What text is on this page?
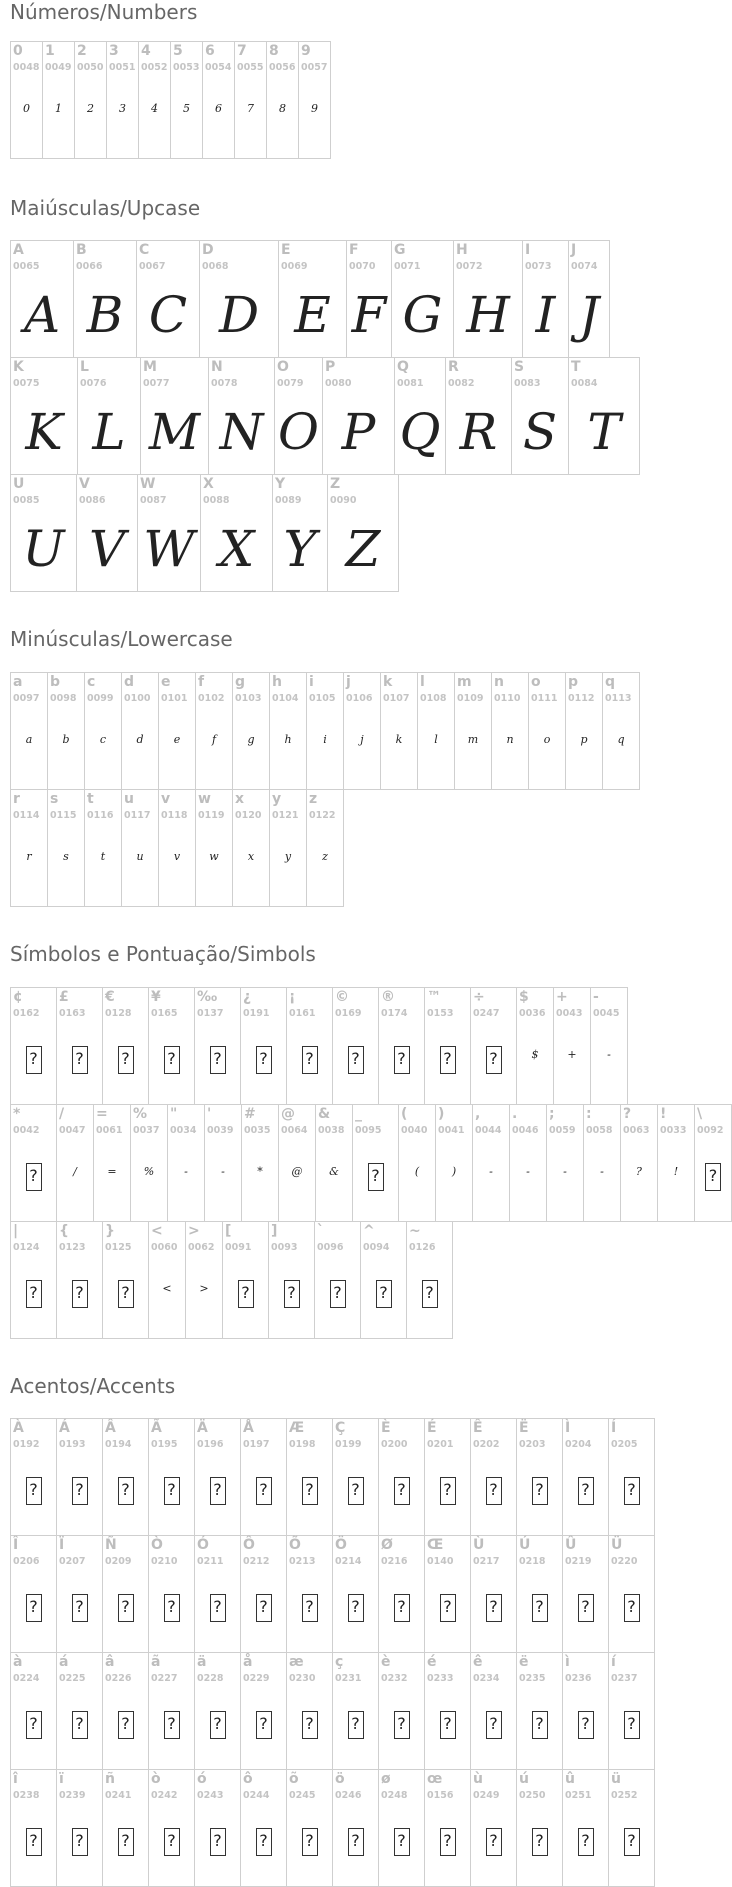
Números/Numbers
Maiúsculas/Upcase
Minúsculas/Lowercase
Símbolos e Pontuação/Simbols
Acentos/Accents
0
0048
0
1
0049
1
2
0050
2
3
0051
3
4
0052
4
5
0053
5
6
0054
6
7
0055
7
8
0056
8
9
0057
9
A
0065
A
B
0066
B
C
0067
C
D
0068
D
E
0069
E
F
0070
F
G
0071
G
H
0072
H
I
0073
I
J
0074
J
K
0075
K
L
0076
L
M
0077
M
N
0078
N
O
0079
O
P
0080
P
Q
0081
Q
R
0082
R
S
0083
S
T
0084
T
U
0085
U
V
0086
V
W
0087
W
X
0088
X
Y
0089
Y
Z
0090
Z
a
0097
a
b
0098
b
c
0099
c
d
0100
d
e
0101
e
f
0102
f
g
0103
g
h
0104
h
i
0105
i
j
0106
j
k
0107
k
l
0108
l
m
0109
m
n
0110
n
o
0111
o
p
0112
p
q
0113
q
r
0114
r
s
0115
s
t
0116
t
u
0117
u
v
0118
v
w
0119
w
x
0120
x
y
0121
y
z
0122
z
¢
0162
?
£
0163
?
€
0128
?
¥
0165
?
‰
0137
?
¿
0191
?
¡
0161
?
©
0169
?
®
0174
?
™
0153
?
÷
0247
?
$
0036
$
+
0043
+
-
0045
-
*
0042
?
/
0047
/
=
0061
=
%
0037
%
"
0034
-
'
0039
-
#
0035
*
@
0064
@
&
0038
&
_
0095
?
(
0040
(
)
0041
)
,
0044
-
.
0046
-
;
0059
-
:
0058
-
?
0063
?
!
0033
!
\
0092
?
|
0124
?
{
0123
?
}
0125
?
<
0060
<
>
0062
>
[
0091
?
]
0093
?
`
0096
?
^
0094
?
~
0126
?
À
0192
?
Á
0193
?
Â
0194
?
Ã
0195
?
Ä
0196
?
Å
0197
?
Æ
0198
?
Ç
0199
?
È
0200
?
É
0201
?
Ê
0202
?
Ë
0203
?
Ì
0204
?
Í
0205
?
Î
0206
?
Ï
0207
?
Ñ
0209
?
Ò
0210
?
Ó
0211
?
Ô
0212
?
Õ
0213
?
Ö
0214
?
Ø
0216
?
Œ
0140
?
Ù
0217
?
Ú
0218
?
Û
0219
?
Ü
0220
?
à
0224
?
á
0225
?
â
0226
?
ã
0227
?
ä
0228
?
å
0229
?
æ
0230
?
ç
0231
?
è
0232
?
é
0233
?
ê
0234
?
ë
0235
?
ì
0236
?
í
0237
?
î
0238
?
ï
0239
?
ñ
0241
?
ò
0242
?
ó
0243
?
ô
0244
?
õ
0245
?
ö
0246
?
ø
0248
?
œ
0156
?
ù
0249
?
ú
0250
?
û
0251
?
ü
0252
?
